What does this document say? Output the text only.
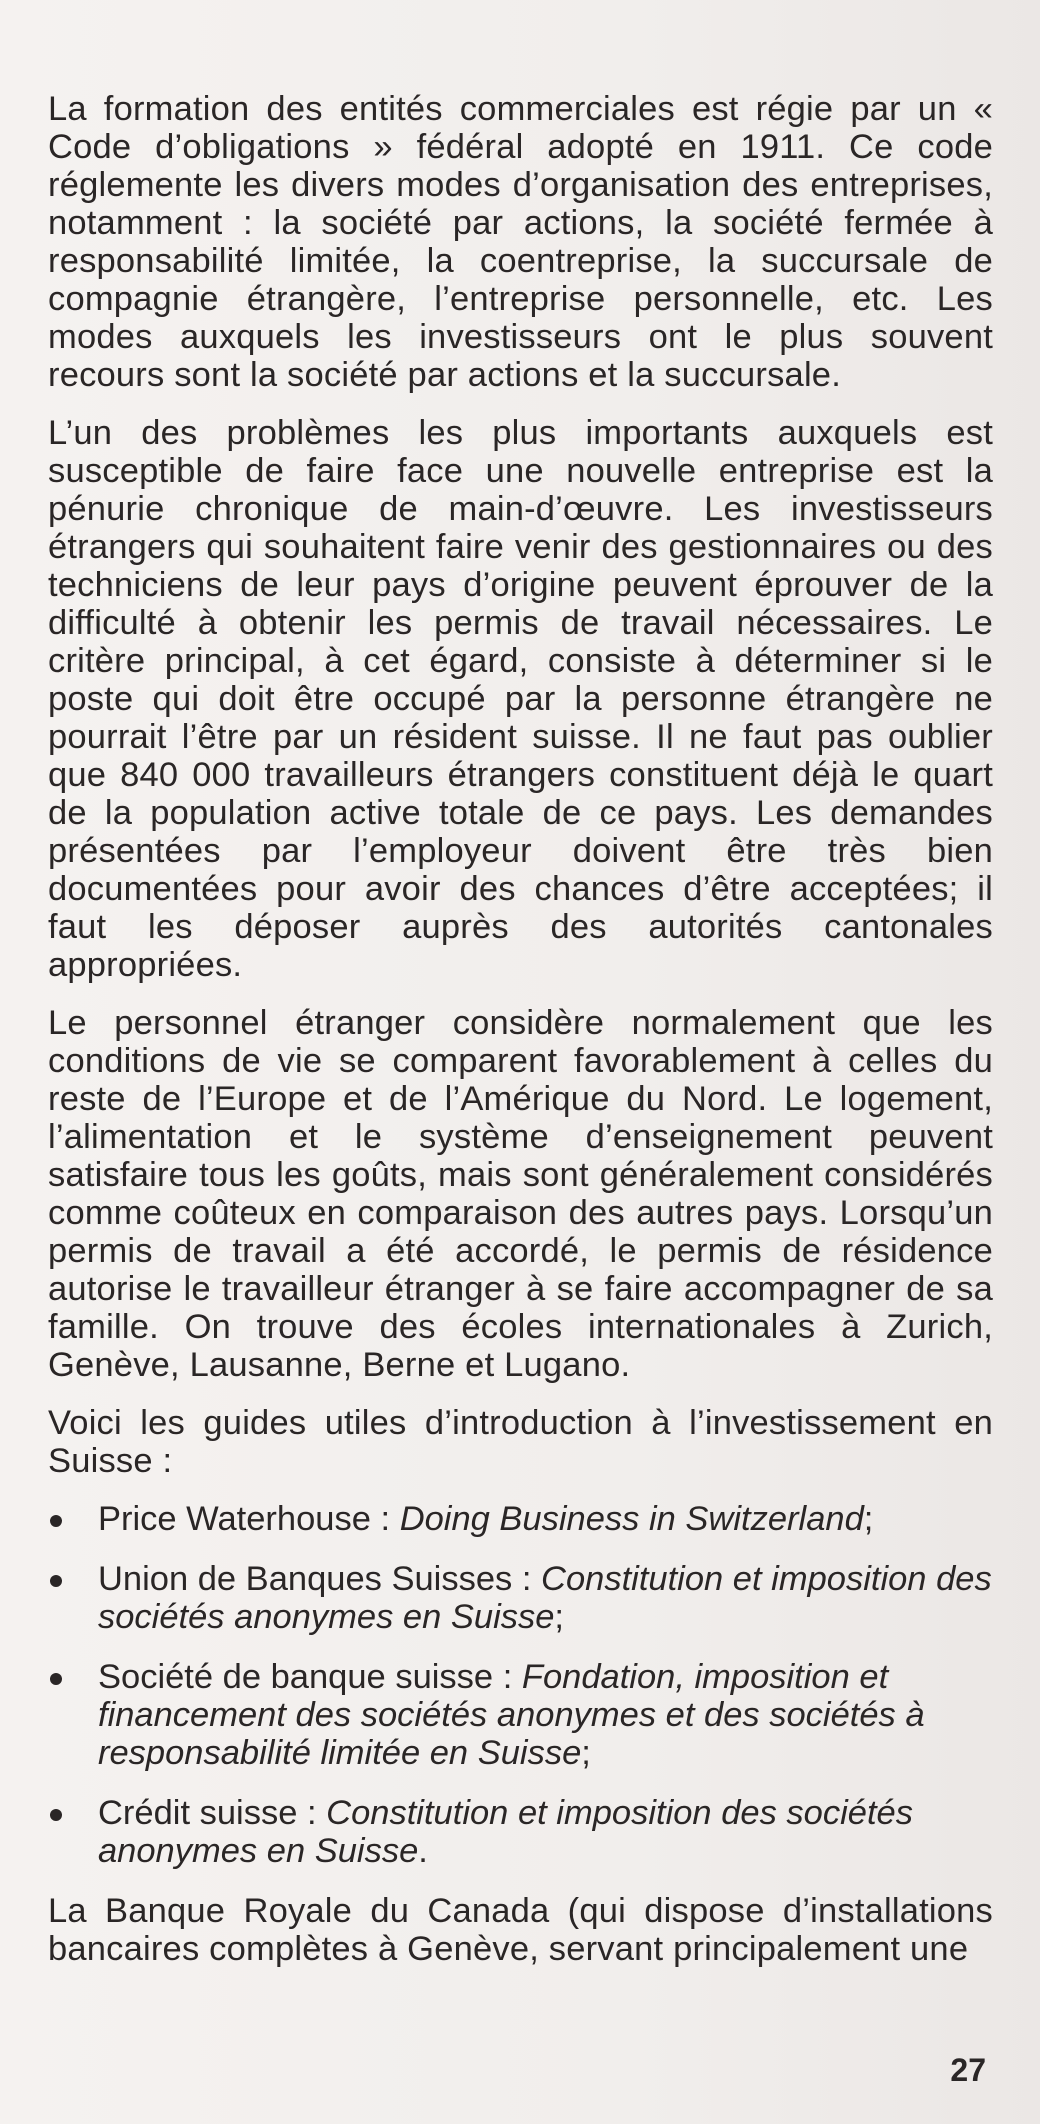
La formation des entités commerciales est régie par un « Code d’obligations » fédéral adopté en 1911. Ce code réglemente les divers modes d’organisation des entreprises, notamment : la société par actions, la société fermée à responsabilité limitée, la coentreprise, la succursale de compagnie étrangère, l’entreprise personnelle, etc. Les modes auxquels les investisseurs ont le plus souvent recours sont la société par actions et la succursale.

L’un des problèmes les plus importants auxquels est susceptible de faire face une nouvelle entreprise est la pénurie chronique de main-d’œuvre. Les investisseurs étrangers qui souhaitent faire venir des gestionnaires ou des techniciens de leur pays d’origine peuvent éprouver de la difficulté à obtenir les permis de travail nécessaires. Le critère principal, à cet égard, consiste à déterminer si le poste qui doit être occupé par la personne étrangère ne pourrait l’être par un résident suisse. Il ne faut pas oublier que 840 000 travailleurs étrangers constituent déjà le quart de la population active totale de ce pays. Les demandes présentées par l’employeur doivent être très bien documentées pour avoir des chances d’être acceptées; il faut les déposer auprès des autorités cantonales appropriées.

Le personnel étranger considère normalement que les conditions de vie se comparent favorablement à celles du reste de l’Europe et de l’Amérique du Nord. Le logement, l’alimentation et le système d’enseignement peuvent satisfaire tous les goûts, mais sont généralement considérés comme coûteux en comparaison des autres pays. Lorsqu’un permis de travail a été accordé, le permis de résidence autorise le travailleur étranger à se faire accompagner de sa famille. On trouve des écoles internationales à Zurich, Genève, Lausanne, Berne et Lugano.

Voici les guides utiles d’introduction à l’investissement en Suisse :

Price Waterhouse : Doing Business in Switzerland;
Union de Banques Suisses : Constitution et imposition des sociétés anonymes en Suisse;
Société de banque suisse : Fondation, imposition et financement des sociétés anonymes et des sociétés à responsabilité limitée en Suisse;
Crédit suisse : Constitution et imposition des sociétés anonymes en Suisse.

La Banque Royale du Canada (qui dispose d’installations bancaires complètes à Genève, servant principalement une

27
